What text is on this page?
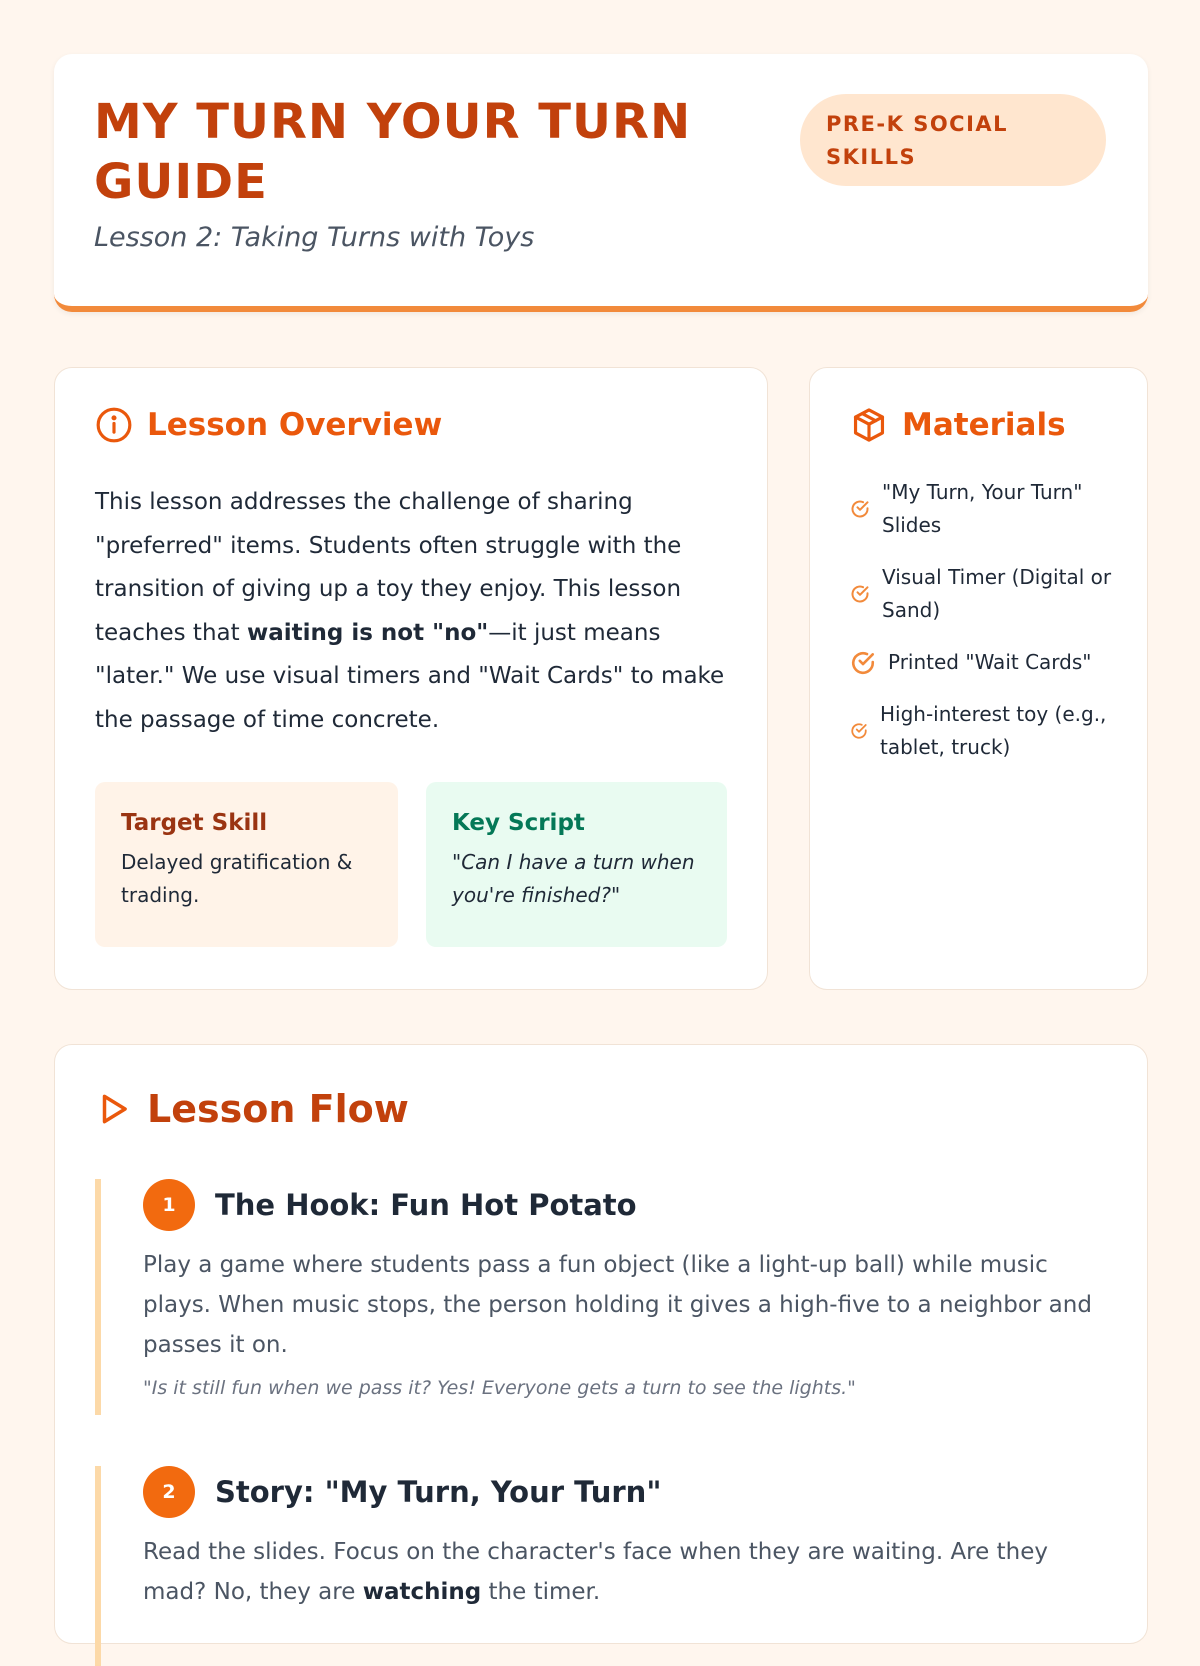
MY TURN YOUR TURN GUIDE

Lesson 2: Taking Turns with Toys

PRE-K SOCIAL SKILLS
Lesson Overview

This lesson addresses the challenge of sharing "preferred" items. Students often struggle with the transition of giving up a toy they enjoy. This lesson teaches that waiting is not "no"—it just means "later." We use visual timers and "Wait Cards" to make the passage of time concrete.

Target Skill
Delayed gratification & trading.
Key Script
"Can I have a turn when you're finished?"
Materials
"My Turn, Your Turn" Slides
Visual Timer (Digital or Sand)
Printed "Wait Cards"
High-interest toy (e.g., tablet, truck)
Lesson Flow
1	The Hook: Fun Hot Potato

Play a game where students pass a fun object (like a light-up ball) while music plays. When music stops, the person holding it gives a high-five to a neighbor and passes it on.

"Is it still fun when we pass it? Yes! Everyone gets a turn to see the lights."

2	Story: "My Turn, Your Turn"

Read the slides. Focus on the character's face when they are waiting. Are they mad? No, they are watching the timer.
